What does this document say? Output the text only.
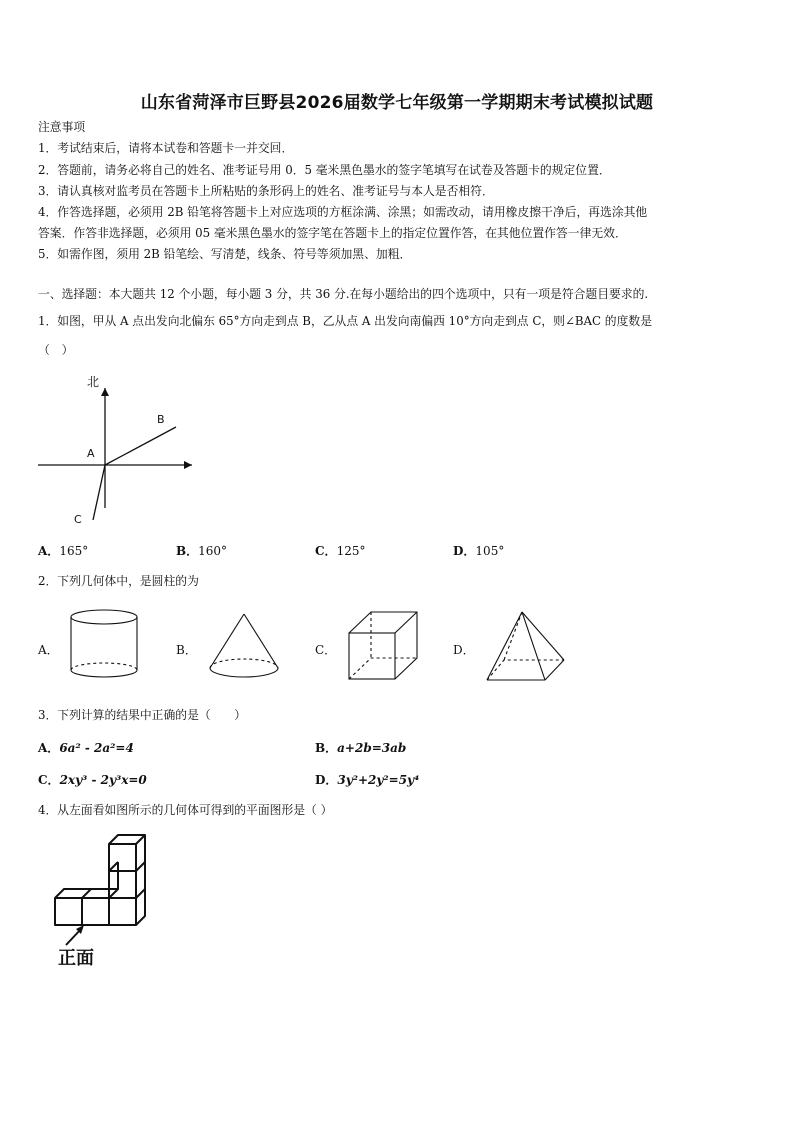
山东省菏泽市巨野县2026届数学七年级第一学期期末考试模拟试题
注意事项
1．考试结束后，请将本试卷和答题卡一并交回．
2．答题前，请务必将自己的姓名、准考证号用 0．5 毫米黑色墨水的签字笔填写在试卷及答题卡的规定位置．
3．请认真核对监考员在答题卡上所粘贴的条形码上的姓名、准考证号与本人是否相符．
4．作答选择题，必须用 2B 铅笔将答题卡上对应选项的方框涂满、涂黑；如需改动，请用橡皮擦干净后，再选涂其他
答案．作答非选择题，必须用 05 毫米黑色墨水的签字笔在答题卡上的指定位置作答，在其他位置作答一律无效．
5．如需作图，须用 2B 铅笔绘、写清楚，线条、符号等须加黑、加粗．
一、选择题：本大题共 12 个小题，每小题 3 分，共 36 分.在每小题给出的四个选项中，只有一项是符合题目要求的.
1．如图，甲从 A 点出发向北偏东 65°方向走到点 B，乙从点 A 出发向南偏西 10°方向走到点 C，则∠BAC 的度数是
（　）
北
A
B
C
A．165°	B．160°	C．125°	D．105°
2．下列几何体中，是圆柱的为
A．	B．	C．	D．
3．下列计算的结果中正确的是（　　）
A．6a² - 2a²=4	B．a+2b=3ab
C．2xy³ - 2y³x=0	D．3y²+2y²=5y⁴
4．从左面看如图所示的几何体可得到的平面图形是（ ）
正面
